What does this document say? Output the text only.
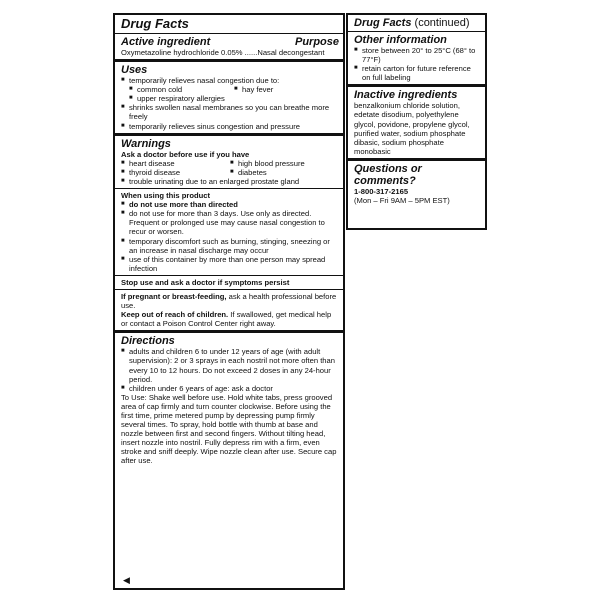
Drug Facts
Active ingredient	Purpose
Oxymetazoline hydrochloride 0.05% ......Nasal decongestant
Uses
■ temporarily relieves nasal congestion due to:
■ common cold	■ hay fever
■ upper respiratory allergies
■ shrinks swollen nasal membranes so you can breathe more freely
■ temporarily relieves sinus congestion and pressure
Warnings
Ask a doctor before use if you have
■ heart disease	■ high blood pressure
■ thyroid disease	■ diabetes
■ trouble urinating due to an enlarged prostate gland
When using this product
■ do not use more than directed
■ do not use for more than 3 days. Use only as directed. Frequent or prolonged use may cause nasal congestion to recur or worsen.
■ temporary discomfort such as burning, stinging, sneezing or an increase in nasal discharge may occur
■ use of this container by more than one person may spread infection
Stop use and ask a doctor if symptoms persist
If pregnant or breast-feeding, ask a health professional before use.
Keep out of reach of children. If swallowed, get medical help or contact a Poison Control Center right away.
Directions
■ adults and children 6 to under 12 years of age (with adult supervision): 2 or 3 sprays in each nostril not more often than every 10 to 12 hours. Do not exceed 2 doses in any 24-hour period.
■ children under 6 years of age: ask a doctor
To Use: Shake well before use. Hold white tabs, press grooved area of cap firmly and turn counter clockwise. Before using the first time, prime metered pump by depressing pump firmly several times. To spray, hold bottle with thumb at base and nozzle between first and second fingers. Without tilting head, insert nozzle into nostril. Fully depress rim with a firm, even stroke and sniff deeply. Wipe nozzle clean after use. Secure cap after use.
◀
Drug Facts (continued)
Other information
■ store between 20° to 25°C (68° to 77°F)
■ retain carton for future reference on full labeling
Inactive ingredients
benzalkonium chloride solution, edetate disodium, polyethylene glycol, povidone, propylene glycol, purified water, sodium phosphate dibasic, sodium phosphate monobasic
Questions or comments?
1-800-317-2165
(Mon – Fri 9AM – 5PM EST)
